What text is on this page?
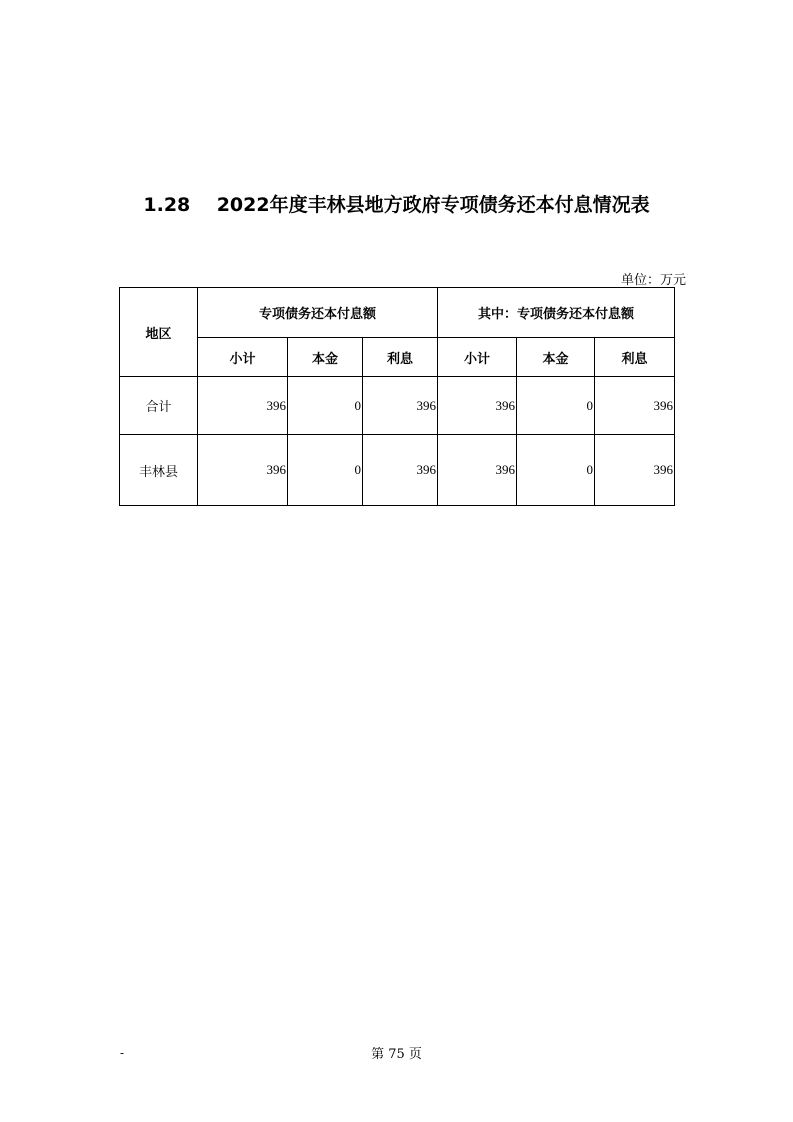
1.28    2022年度丰林县地方政府专项债务还本付息情况表
单位：万元
地区	专项债务还本付息额			其中：专项债务还本付息额		
	小计	本金	利息	小计	本金	利息
合计	396	0	396	396	0	396
丰林县	396	0	396	396	0	396
-	第 75 页
